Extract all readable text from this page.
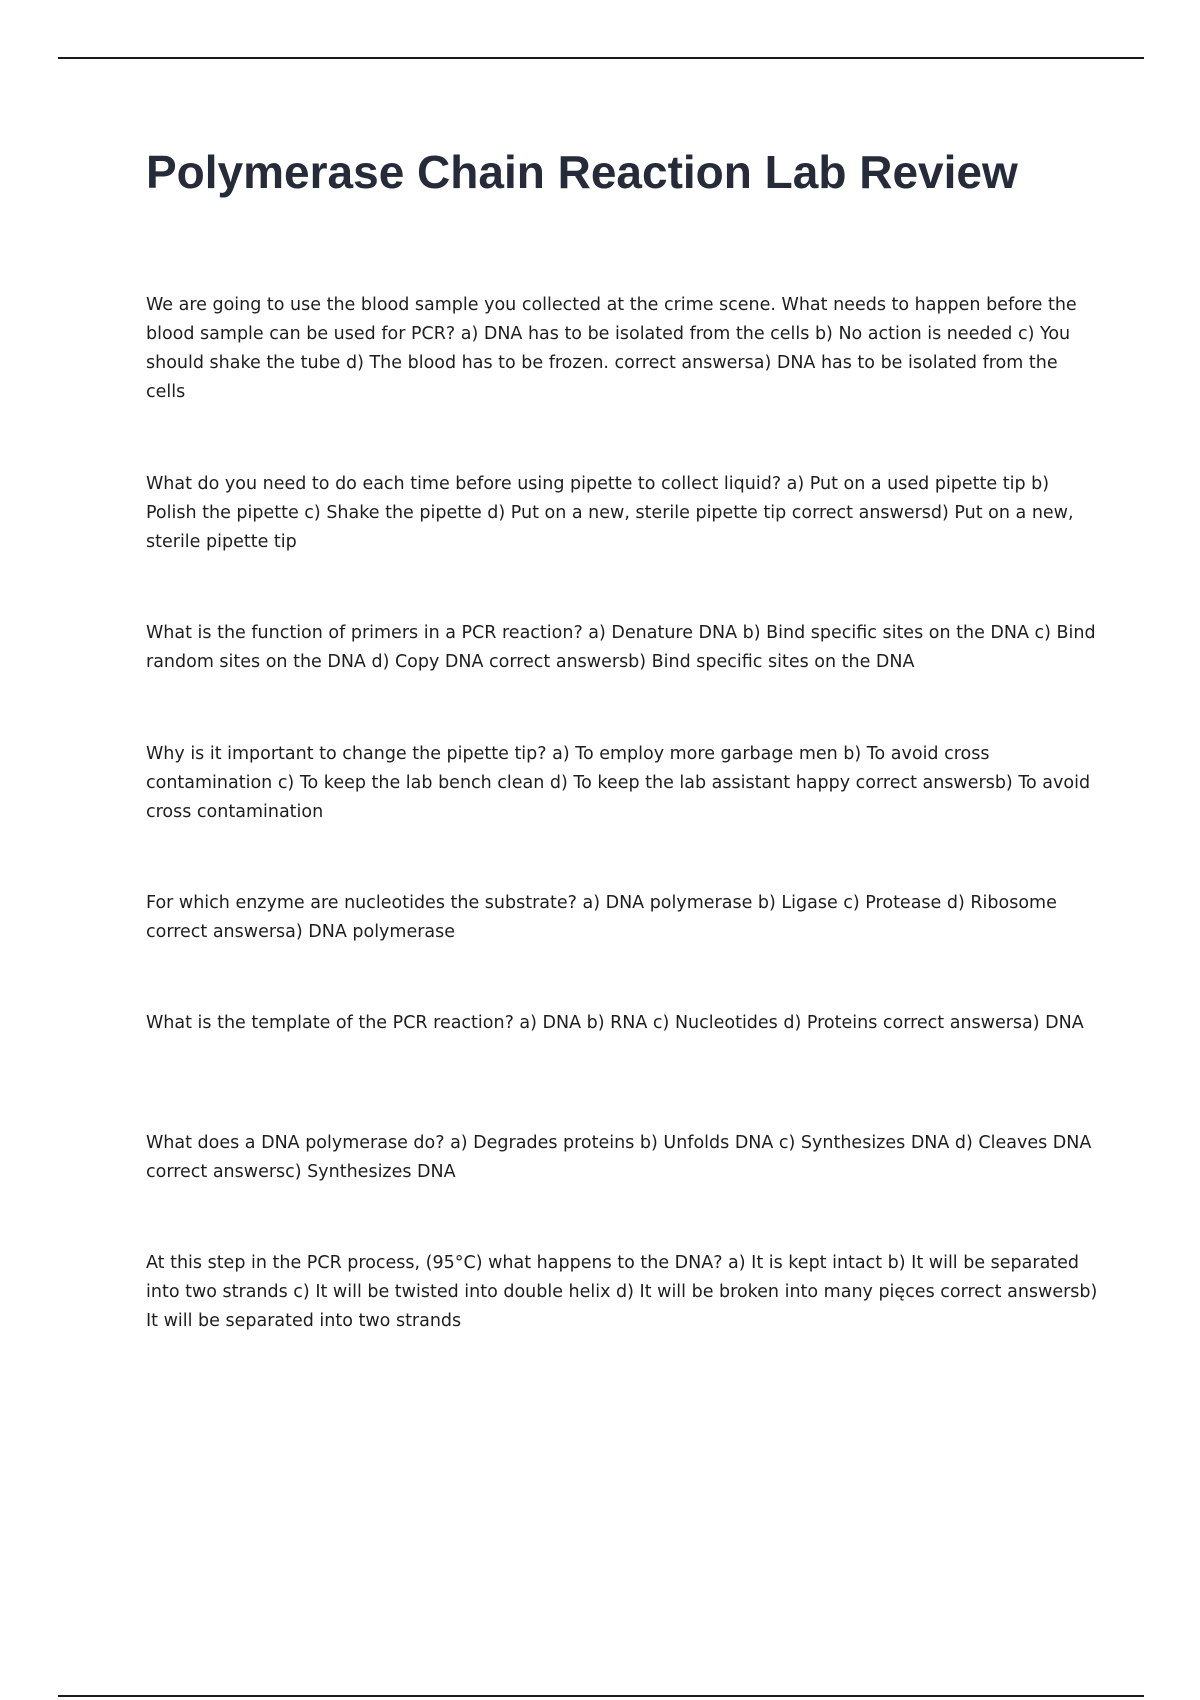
Polymerase Chain Reaction Lab Review

We are going to use the blood sample you collected at the crime scene. What needs to happen before the blood sample can be used for PCR? a) DNA has to be isolated from the cells b) No action is needed c) You should shake the tube d) The blood has to be frozen. correct answersa) DNA has to be isolated from the cells

What do you need to do each time before using pipette to collect liquid? a) Put on a used pipette tip b) Polish the pipette c) Shake the pipette d) Put on a new, sterile pipette tip correct answersd) Put on a new, sterile pipette tip

What is the function of primers in a PCR reaction? a) Denature DNA b) Bind specific sites on the DNA c) Bind random sites on the DNA d) Copy DNA correct answersb) Bind specific sites on the DNA

Why is it important to change the pipette tip? a) To employ more garbage men b) To avoid cross contamination c) To keep the lab bench clean d) To keep the lab assistant happy correct answersb) To avoid cross contamination

For which enzyme are nucleotides the substrate? a) DNA polymerase b) Ligase c) Protease d) Ribosome correct answersa) DNA polymerase

What is the template of the PCR reaction? a) DNA b) RNA c) Nucleotides d) Proteins correct answersa) DNA

What does a DNA polymerase do? a) Degrades proteins b) Unfolds DNA c) Synthesizes DNA d) Cleaves DNA correct answersc) Synthesizes DNA

At this step in the PCR process, (95°C) what happens to the DNA? a) It is kept intact b) It will be separated into two strands c) It will be twisted into double helix d) It will be broken into many pięces correct answersb) It will be separated into two strands
